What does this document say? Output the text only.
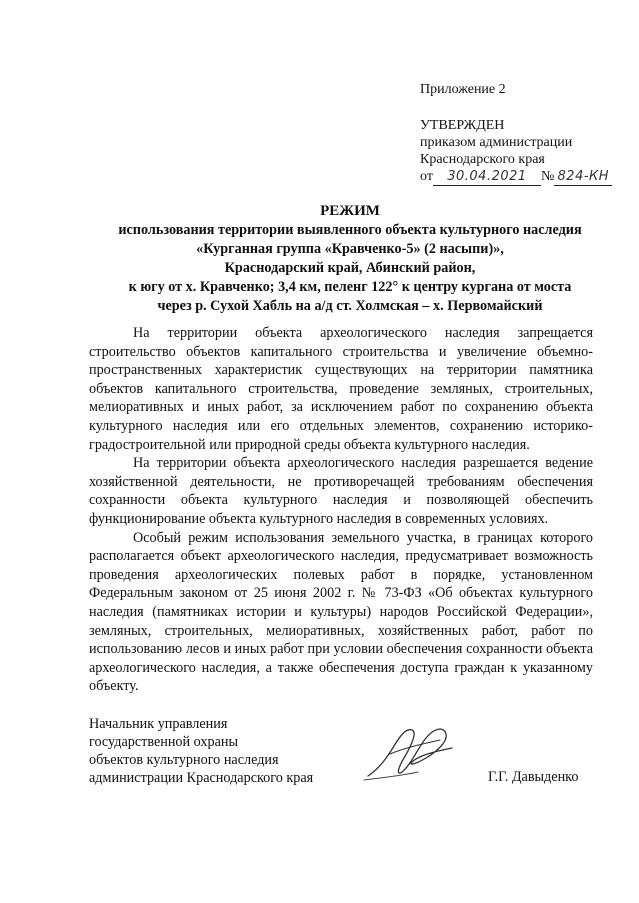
Приложение 2
УТВЕРЖДЕН
приказом администрации
Краснодарского края
от 30.04.2021 № 824-КН
РЕЖИМ
использования территории выявленного объекта культурного наследия
«Курганная группа «Кравченко-5» (2 насыпи)»,
Краснодарский край, Абинский район,
к югу от х. Кравченко; 3,4 км, пеленг 122° к центру кургана от моста
через р. Сухой Хабль на а/д ст. Холмская – х. Первомайский

На территории объекта археологического наследия запрещается строительство объектов капитального строительства и увеличение объемно-пространственных характеристик существующих на территории памятника объектов капитального строительства, проведение земляных, строительных, мелиоративных и иных работ, за исключением работ по сохранению объекта культурного наследия или его отдельных элементов, сохранению историко-градостроительной или природной среды объекта культурного наследия.

На территории объекта археологического наследия разрешается ведение хозяйственной деятельности, не противоречащей требованиям обеспечения сохранности объекта культурного наследия и позволяющей обеспечить функционирование объекта культурного наследия в современных условиях.

Особый режим использования земельного участка, в границах которого располагается объект археологического наследия, предусматривает возможность проведения археологических полевых работ в порядке, установленном Федеральным законом от 25 июня 2002 г. № 73-ФЗ «Об объектах культурного наследия (памятниках истории и культуры) народов Российской Федерации», земляных, строительных, мелиоративных, хозяйственных работ, работ по использованию лесов и иных работ при условии обеспечения сохранности объекта археологического наследия, а также обеспечения доступа граждан к указанному объекту.

Начальник управления
государственной охраны
объектов культурного наследия
администрации Краснодарского края	Г.Г. Давыденко
